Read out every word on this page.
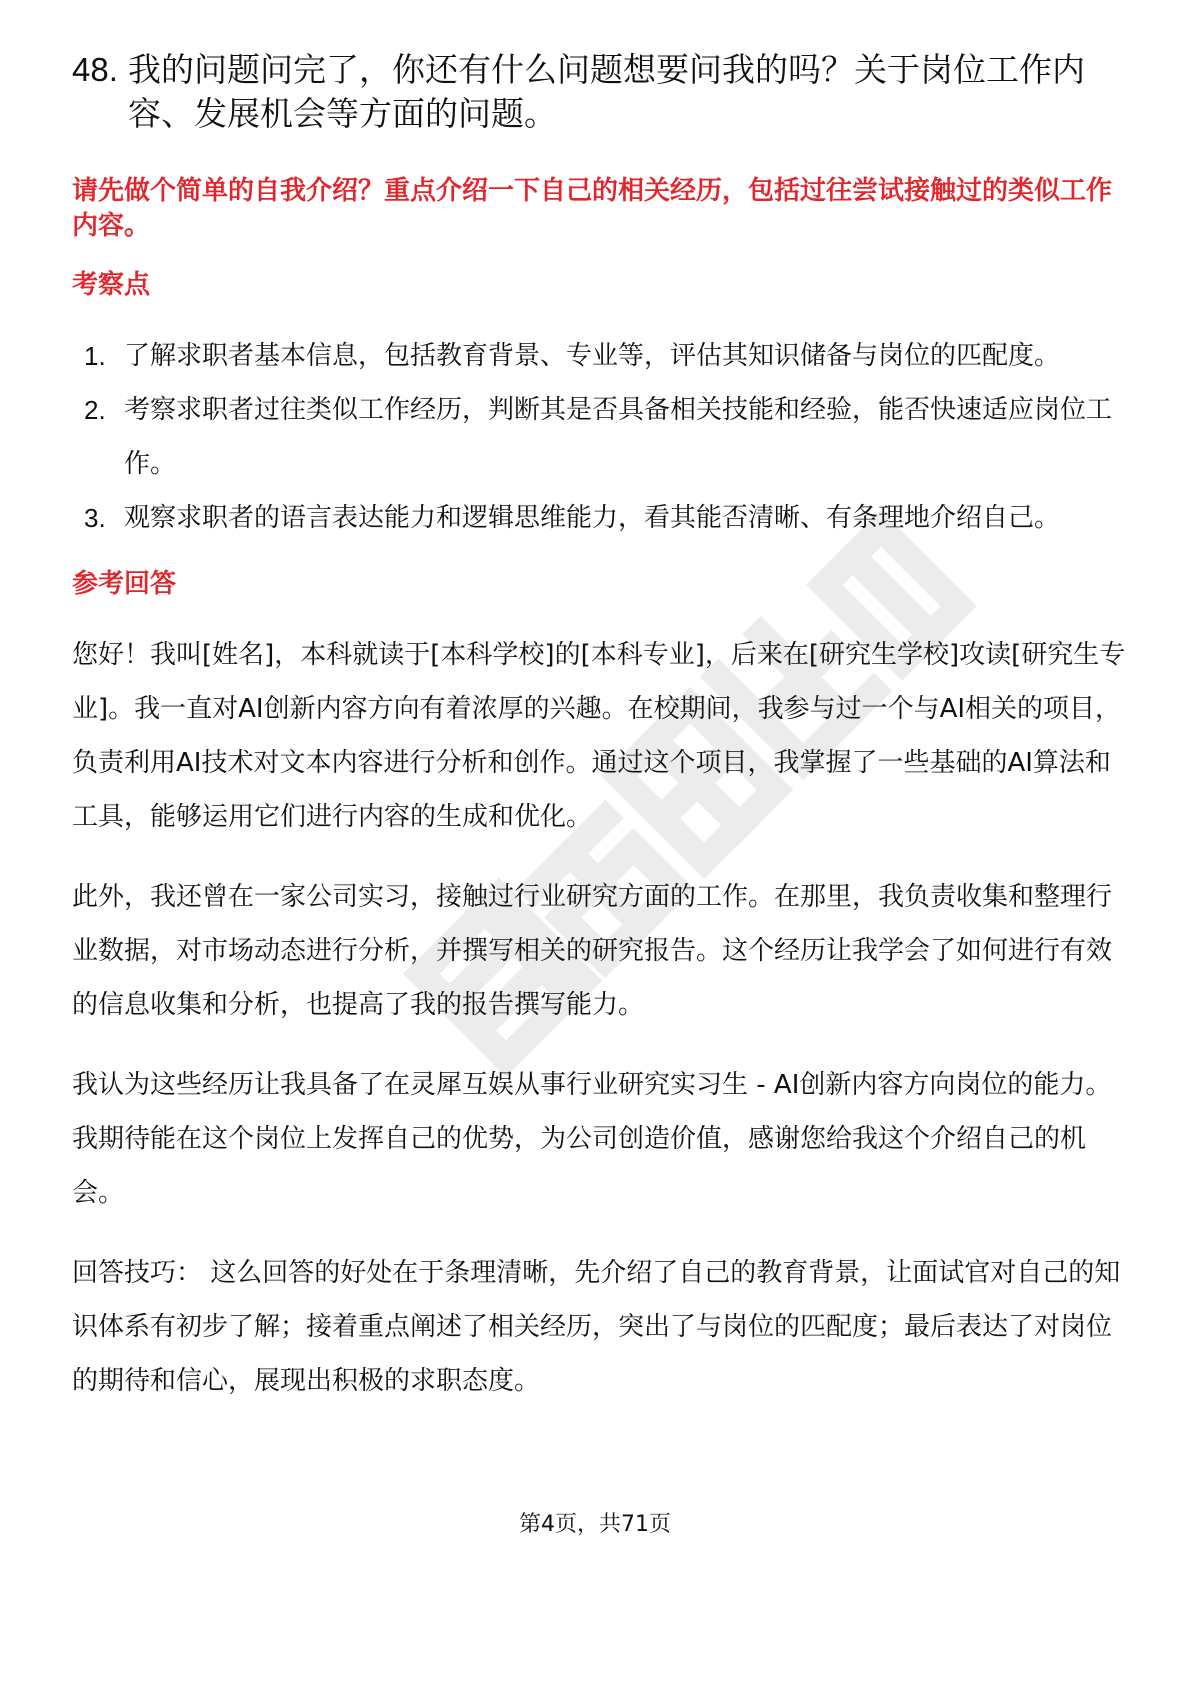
48. 我的问题问完了，你还有什么问题想要问我的吗？关于岗位工作内容、发展机会等方面的问题。

请先做个简单的自我介绍？重点介绍一下自己的相关经历，包括过往尝试接触过的类似工作内容。

考察点

1. 了解求职者基本信息，包括教育背景、专业等，评估其知识储备与岗位的匹配度。
2. 考察求职者过往类似工作经历，判断其是否具备相关技能和经验，能否快速适应岗位工作。
3. 观察求职者的语言表达能力和逻辑思维能力，看其能否清晰、有条理地介绍自己。

参考回答

您好！我叫[姓名]，本科就读于[本科学校]的[本科专业]，后来在[研究生学校]攻读[研究生专业]。我一直对AI创新内容方向有着浓厚的兴趣。在校期间，我参与过一个与AI相关的项目，负责利用AI技术对文本内容进行分析和创作。通过这个项目，我掌握了一些基础的AI算法和工具，能够运用它们进行内容的生成和优化。

此外，我还曾在一家公司实习，接触过行业研究方面的工作。在那里，我负责收集和整理行业数据，对市场动态进行分析，并撰写相关的研究报告。这个经历让我学会了如何进行有效的信息收集和分析，也提高了我的报告撰写能力。

我认为这些经历让我具备了在灵犀互娱从事行业研究实习生 - AI创新内容方向岗位的能力。我期待能在这个岗位上发挥自己的优势，为公司创造价值，感谢您给我这个介绍自己的机会。

回答技巧： 这么回答的好处在于条理清晰，先介绍了自己的教育背景，让面试官对自己的知识体系有初步了解；接着重点阐述了相关经历，突出了与岗位的匹配度；最后表达了对岗位的期待和信心，展现出积极的求职态度。

第4页，共71页
